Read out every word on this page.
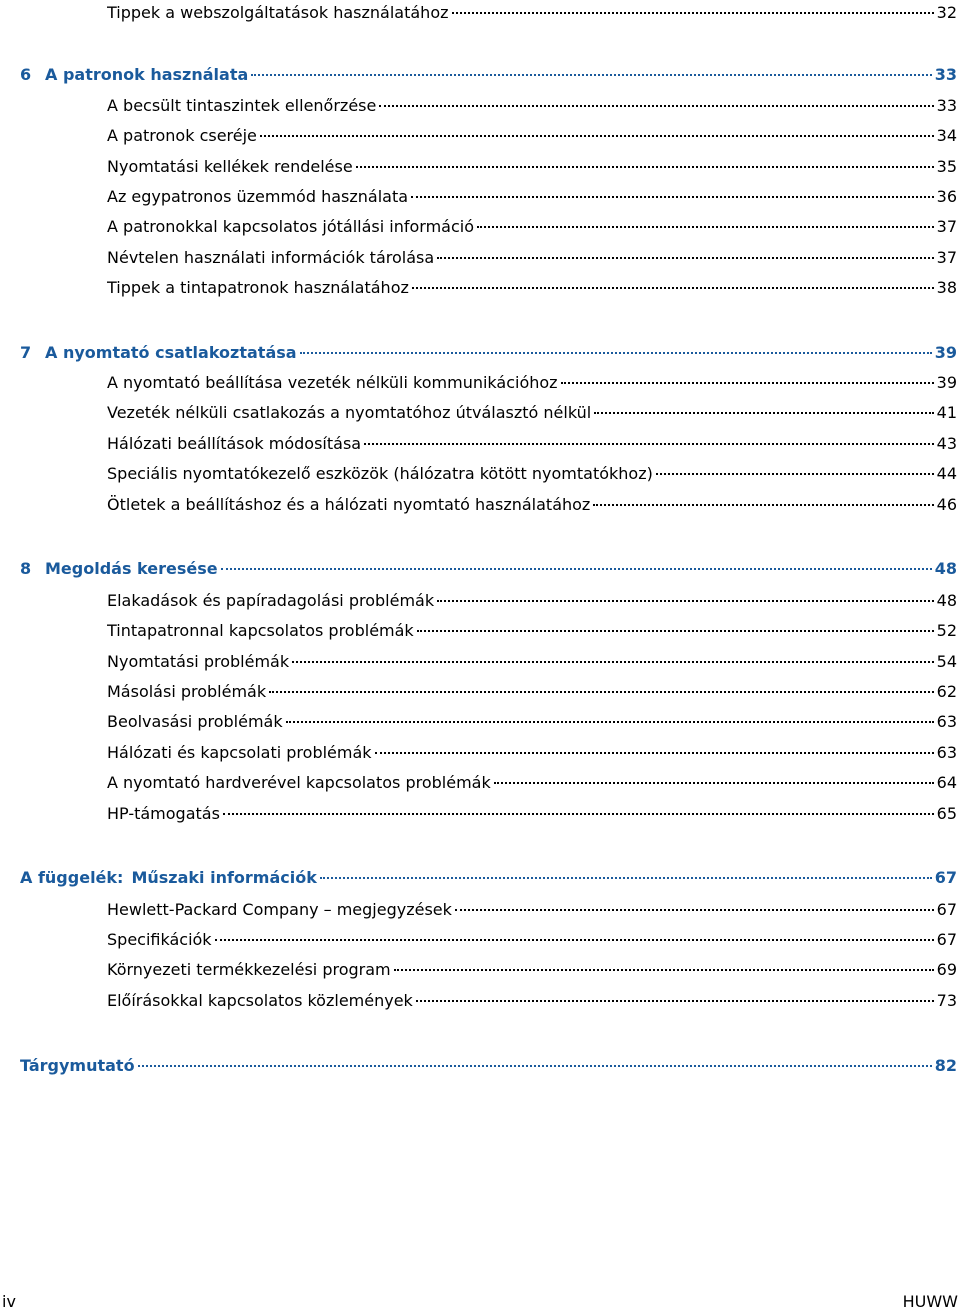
Tippek a webszolgáltatások használatához	32
6 A patronok használata	33
A becsült tintaszintek ellenőrzése	33
A patronok cseréje	34
Nyomtatási kellékek rendelése	35
Az egypatronos üzemmód használata	36
A patronokkal kapcsolatos jótállási információ	37
Névtelen használati információk tárolása	37
Tippek a tintapatronok használatához	38
7 A nyomtató csatlakoztatása	39
A nyomtató beállítása vezeték nélküli kommunikációhoz	39
Vezeték nélküli csatlakozás a nyomtatóhoz útválasztó nélkül	41
Hálózati beállítások módosítása	43
Speciális nyomtatókezelő eszközök (hálózatra kötött nyomtatókhoz)	44
Ötletek a beállításhoz és a hálózati nyomtató használatához	46
8 Megoldás keresése	48
Elakadások és papíradagolási problémák	48
Tintapatronnal kapcsolatos problémák	52
Nyomtatási problémák	54
Másolási problémák	62
Beolvasási problémák	63
Hálózati és kapcsolati problémák	63
A nyomtató hardverével kapcsolatos problémák	64
HP-támogatás	65
A függelék: Műszaki információk	67
Hewlett-Packard Company – megjegyzések	67
Specifikációk	67
Környezeti termékkezelési program	69
Előírásokkal kapcsolatos közlemények	73
Tárgymutató	82
iv	HUWW
